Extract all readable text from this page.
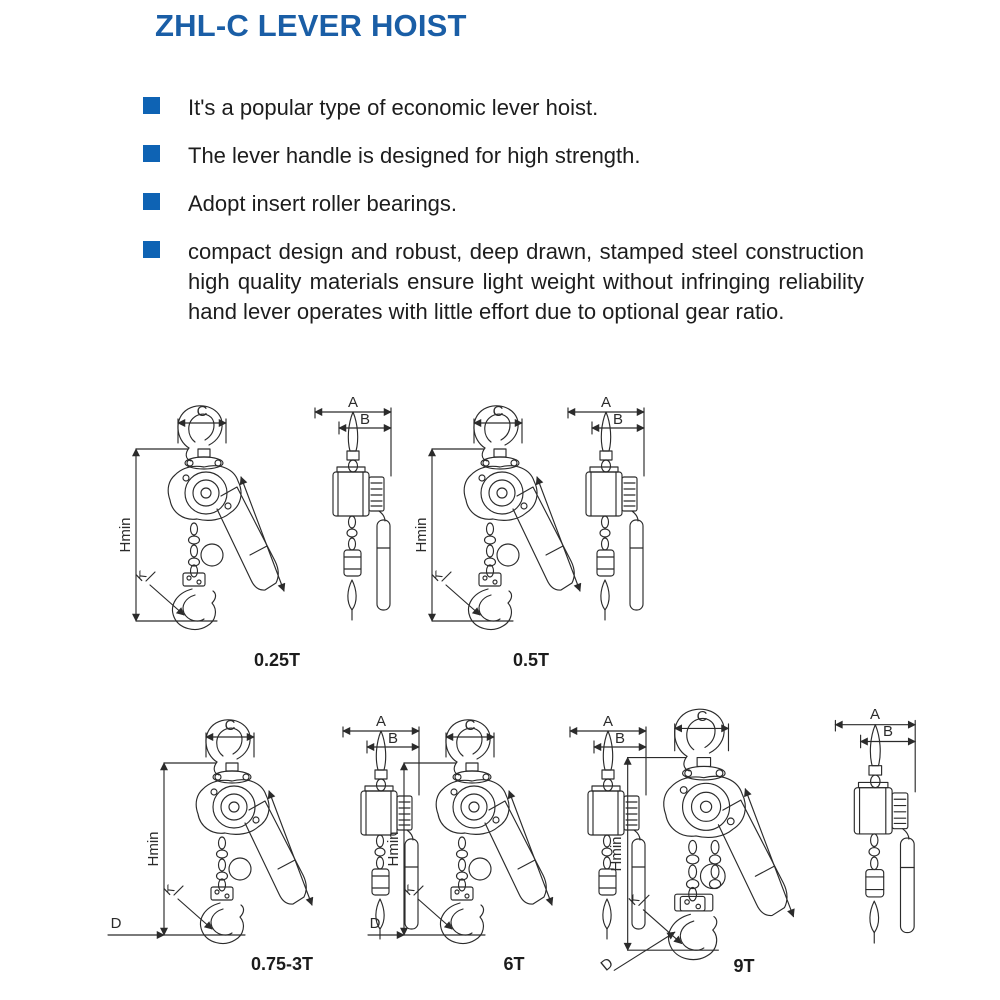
ZHL-C LEVER HOIST
It's a popular type of economic lever hoist.
The lever handle is designed for high strength.
Adopt insert roller bearings.
compact design and robust, deep drawn, stamped steel construction high quality materials ensure light weight without infringing reliability hand lever operates with little effort due to optional gear ratio.
C
Hmin
K
A
B
0.25T
C
Hmin
K
A
B
0.5T
D
C
Hmin
K
A
B
0.75-3T
D
C
Hmin
K
A
B
6T
C
Hmin
K
D
A
B
9T
